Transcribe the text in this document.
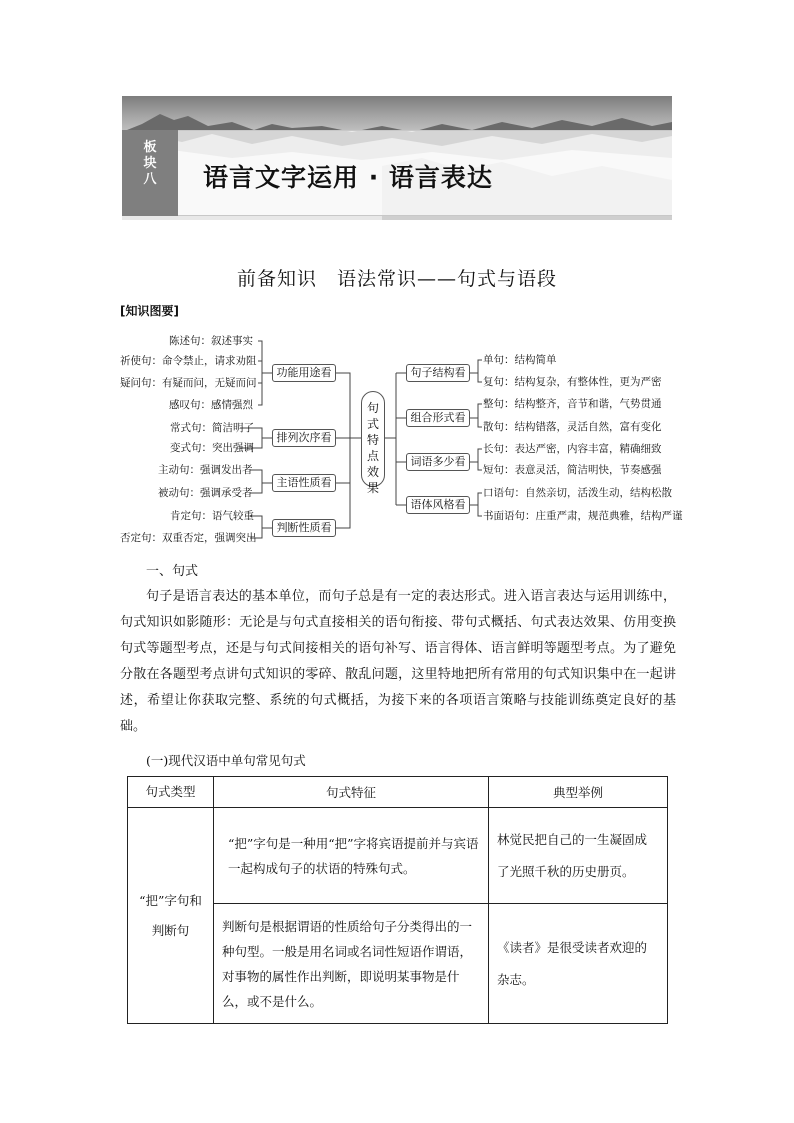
板块八 语言文字运用 · 语言表达
前备知识　语法常识——句式与语段
[知识图要]
陈述句：叙述事实
祈使句：命令禁止，请求劝阻
疑问句：有疑而问，无疑而问
感叹句：感情强烈
常式句：简洁明了
变式句：突出强调
主动句：强调发出者
被动句：强调承受者
肯定句：语气较重
否定句：双重否定，强调突出
功能用途看
排列次序看
主语性质看
判断性质看
句式特点效果
句子结构看
组合形式看
词语多少看
语体风格看
单句：结构简单
复句：结构复杂，有整体性，更为严密
整句：结构整齐，音节和谐，气势贯通
散句：结构错落，灵活自然，富有变化
长句：表达严密，内容丰富，精确细致
短句：表意灵活，简洁明快，节奏感强
口语句：自然亲切，活泼生动，结构松散
书面语句：庄重严肃，规范典雅，结构严谨
一、句式

句子是语言表达的基本单位，而句子总是有一定的表达形式。进入语言表达与运用训练中，句式知识如影随形：无论是与句式直接相关的语句衔接、带句式概括、句式表达效果、仿用变换句式等题型考点，还是与句式间接相关的语句补写、语言得体、语言鲜明等题型考点。为了避免分散在各题型考点讲句式知识的零碎、散乱问题，这里特地把所有常用的句式知识集中在一起讲述，希望让你获取完整、系统的句式概括，为接下来的各项语言策略与技能训练奠定良好的基础。

(一)现代汉语中单句常见句式
句式类型	句式特征	典型举例
“把”字句和判断句	“把”字句是一种用“把”字将宾语提前并与宾语一起构成句子的状语的特殊句式。	林觉民把自己的一生凝固成了光照千秋的历史册页。
	判断句是根据谓语的性质给句子分类得出的一种句型。一般是用名词或名词性短语作谓语，对事物的属性作出判断，即说明某事物是什么，或不是什么。	《读者》是很受读者欢迎的杂志。
